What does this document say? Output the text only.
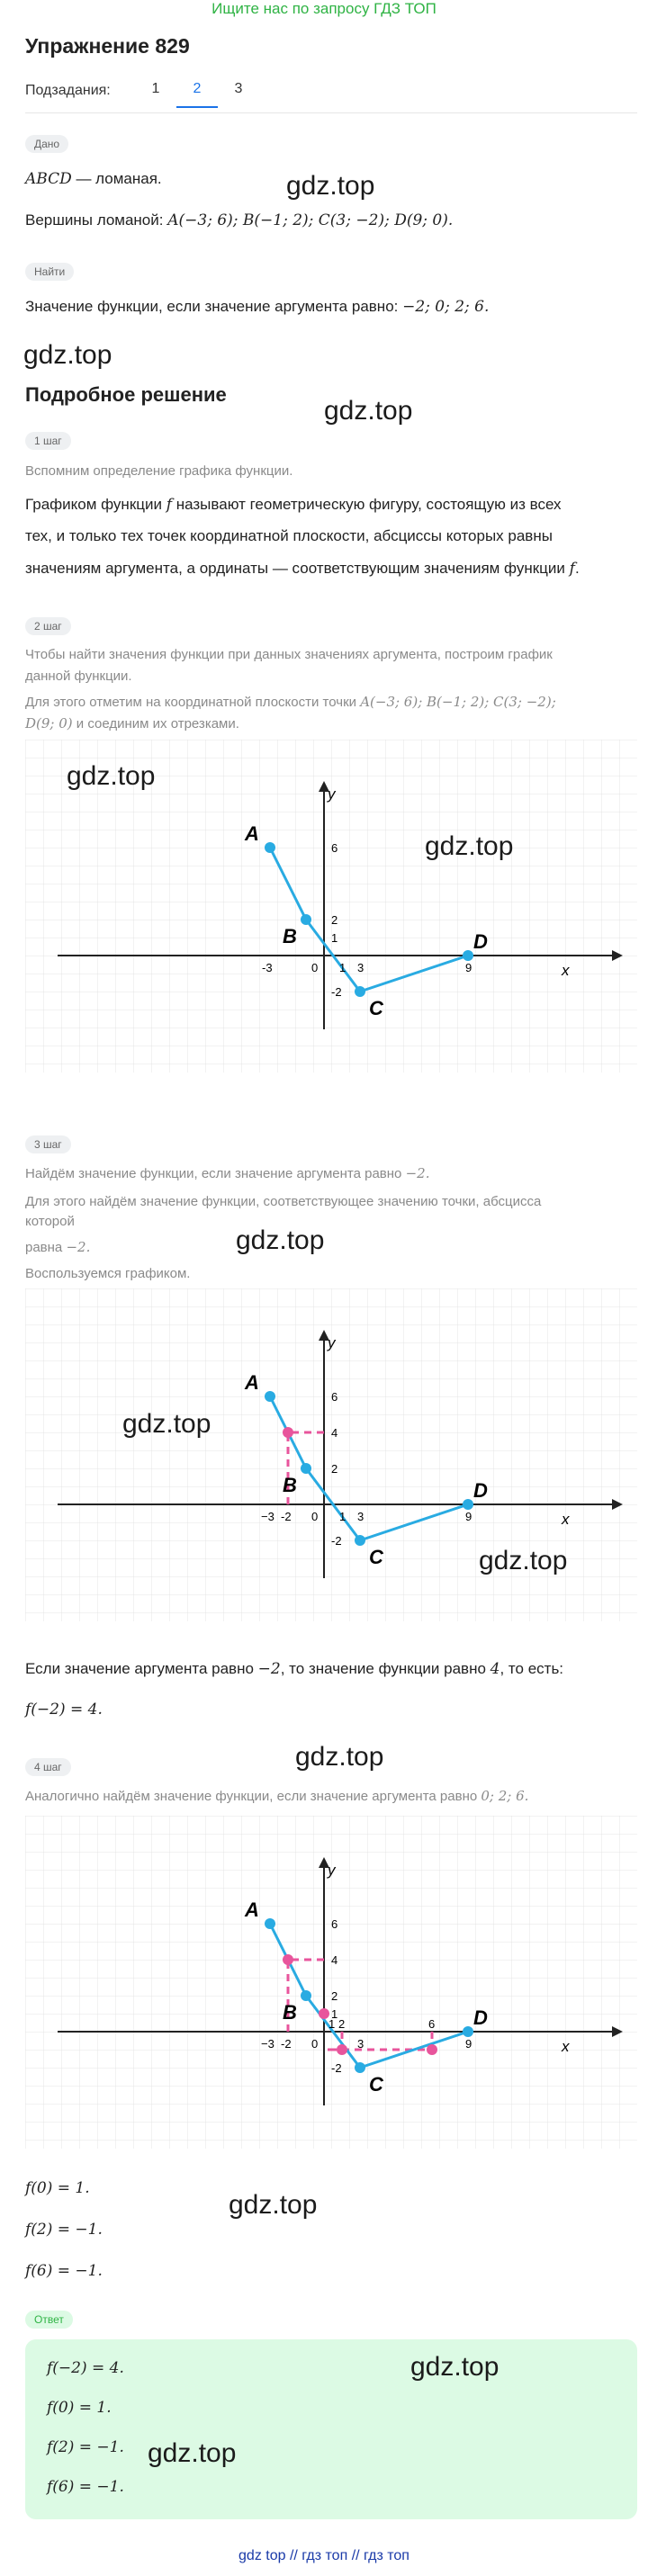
Ищите нас по запросу ГДЗ ТОП
Упражнение 829
Подзадания:	1	2	3
Дано
ABCD — ломаная.
Вершины ломаной: A(−3; 6); B(−1; 2); C(3; −2); D(9; 0).
gdz.top
Найти
Значение функции, если значение аргумента равно: −2; 0; 2; 6.
gdz.top
Подробное решение
gdz.top
1 шаг
Вспомним определение графика функции.
Графиком функции f называют геометрическую фигуру, состоящую из всех
тех, и только тех точек координатной плоскости, абсциссы которых равны
значениям аргумента, а ординаты — соответствующим значениям функции f.
2 шаг
Чтобы найти значения функции при данных значениях аргумента, построим график
данной функции.
Для этого отметим на координатной плоскости точки A(−3; 6); B(−1; 2); C(3; −2);
D(9; 0) и соединим их отрезками.
y
x
A
B
C
D
-3	0 1 3	9
6
2
1
-2
gdz.top
gdz.top
3 шаг
Найдём значение функции, если значение аргумента равно −2.
Для этого найдём значение функции, соответствующее значению точки, абсцисса
которой
равна −2.
Воспользуемся графиком.
gdz.top
y
x
A
B
C
D
−3 -2 0 1 3	9
6
4
2
-2
gdz.top
gdz.top
Если значение аргумента равно −2, то значение функции равно 4, то есть:
f(−2) = 4.
gdz.top
4 шаг
Аналогично найдём значение функции, если значение аргумента равно 0; 2; 6.
y
x
A
B
C
D
−3 -2 0
1 2
3
6
9
6
4
2
1
-2
f(0) = 1.
f(2) = −1.
f(6) = −1.
gdz.top
Ответ
f(−2) = 4.
f(0) = 1.
f(2) = −1.
f(6) = −1.
gdz.top
gdz.top
gdz top // гдз топ // гдз топ
